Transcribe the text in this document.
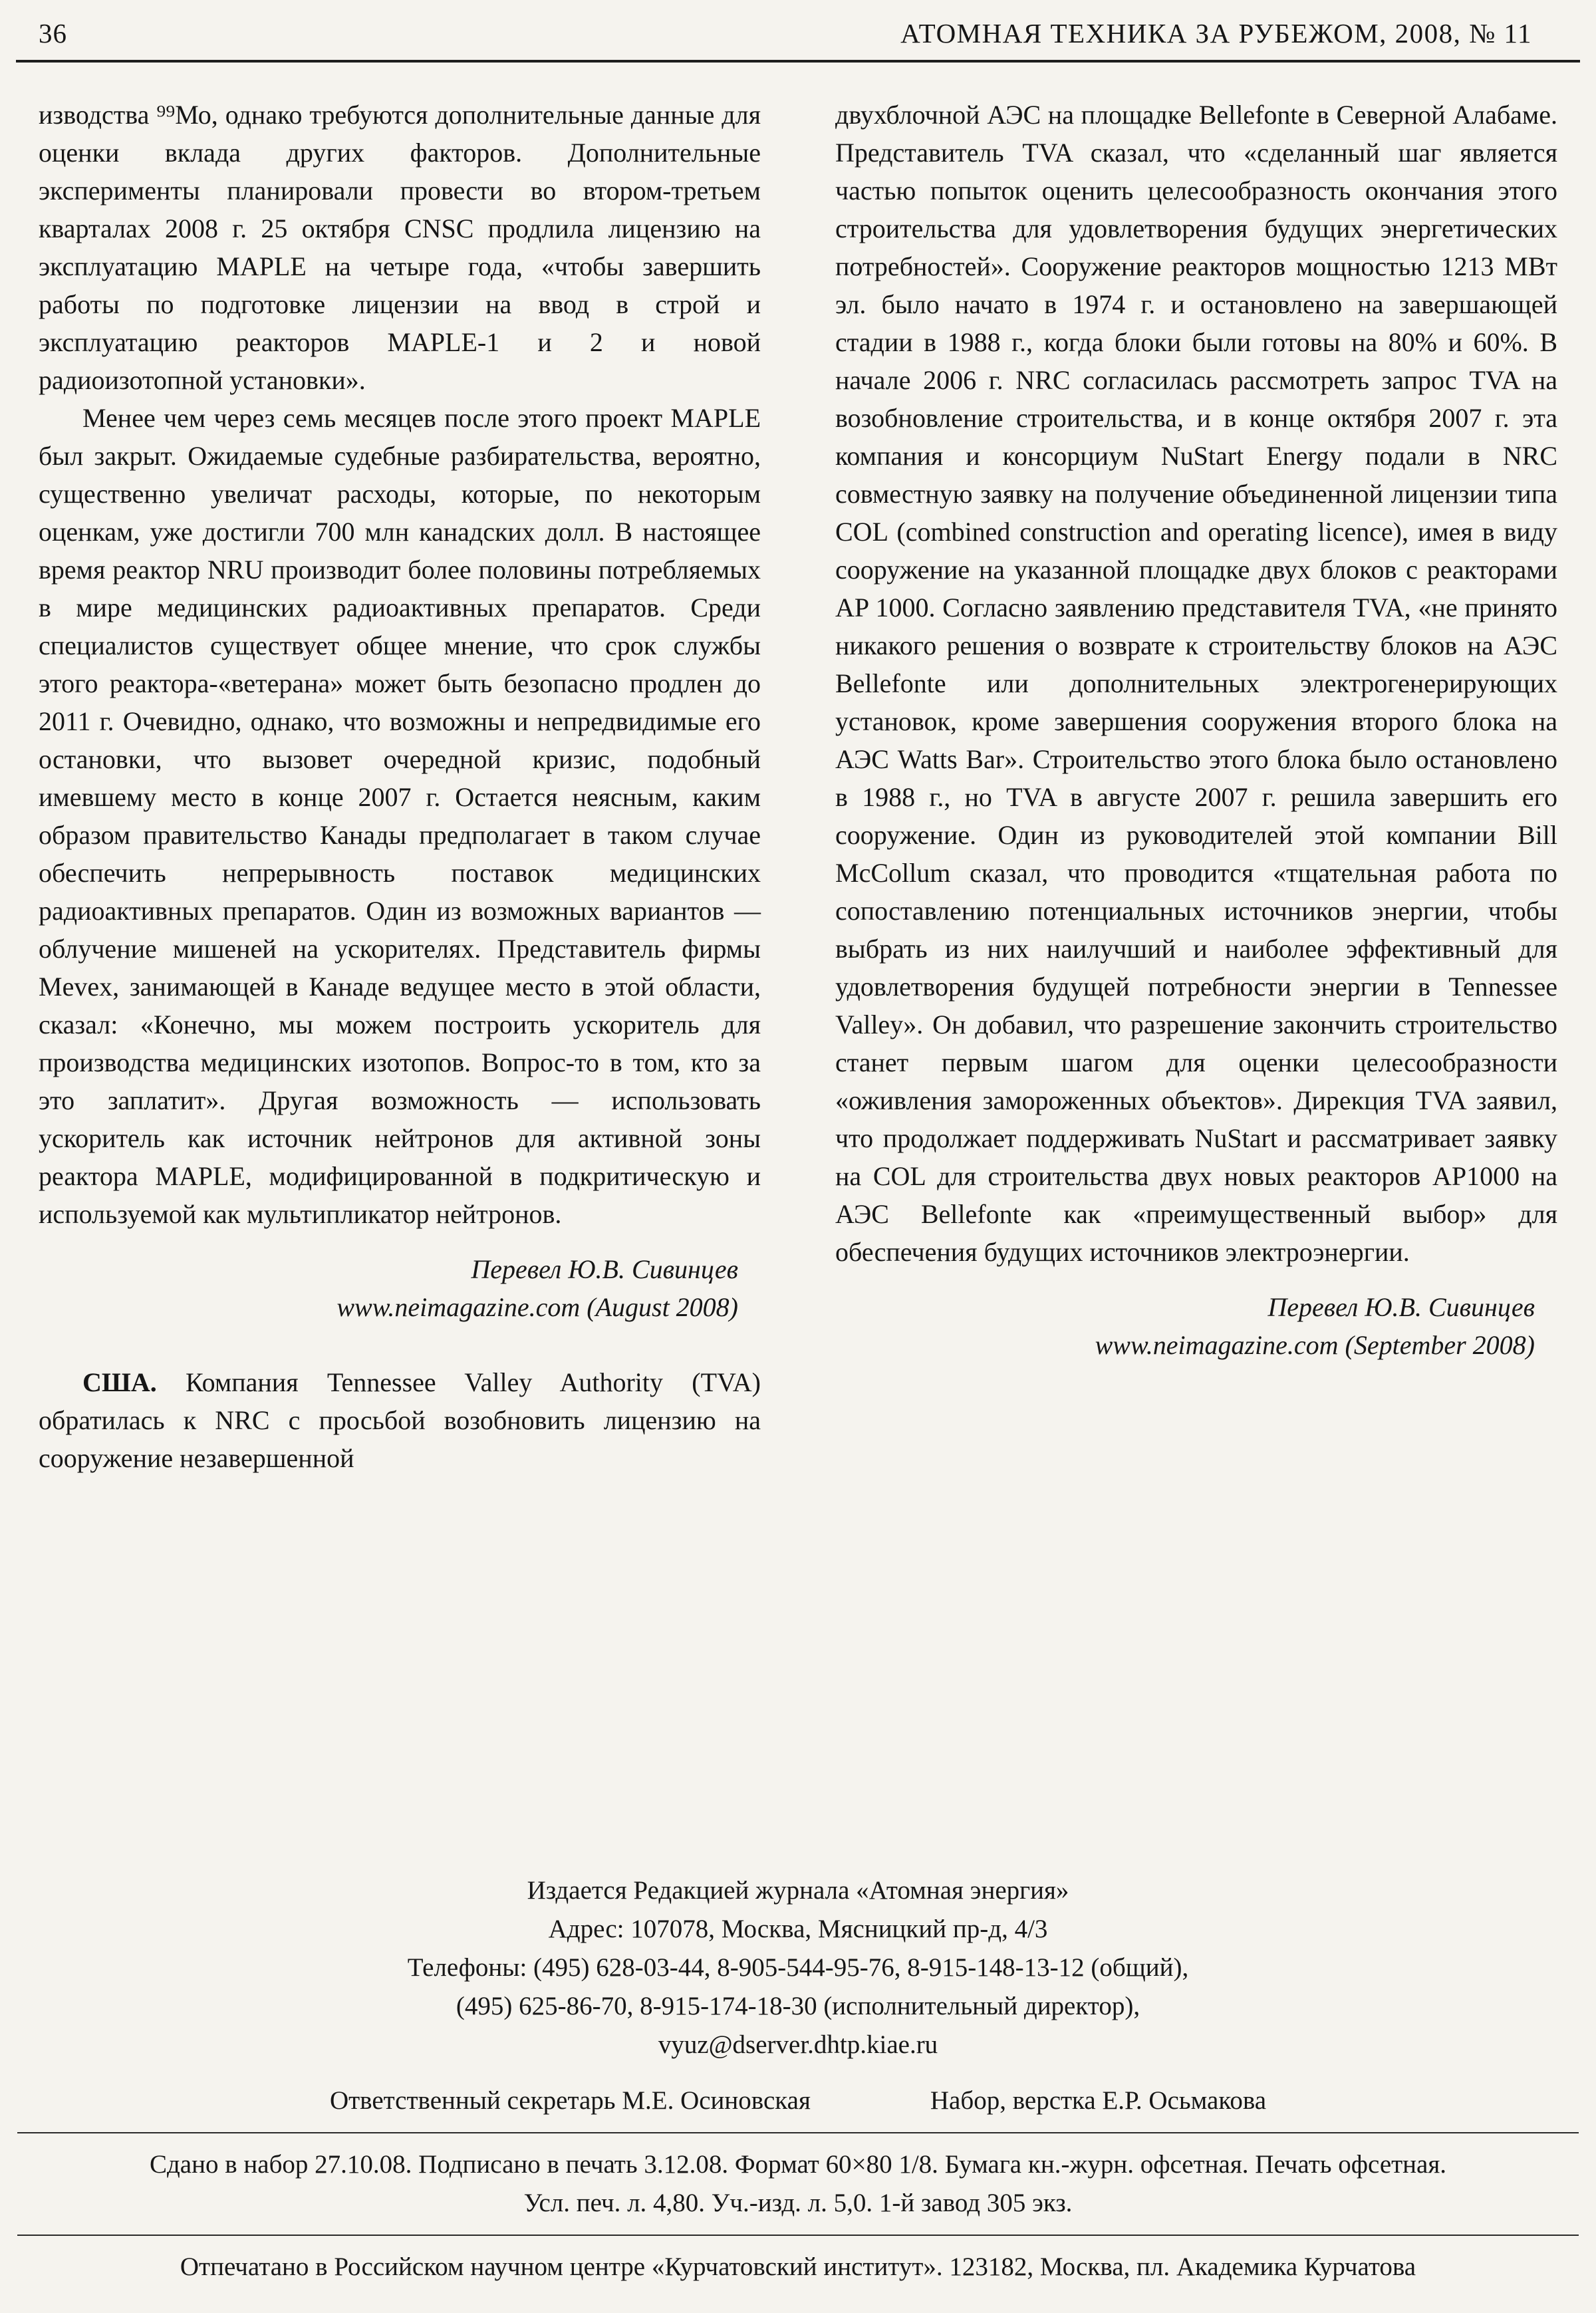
36	АТОМНАЯ ТЕХНИКА ЗА РУБЕЖОМ, 2008, № 11

изводства ⁹⁹Мо, однако требуются дополнительные данные для оценки вклада других факторов. Дополнительные эксперименты планировали провести во втором-третьем кварталах 2008 г. 25 октября CNSC продлила лицензию на эксплуатацию MAPLE на четыре года, «чтобы завершить работы по подготовке лицензии на ввод в строй и эксплуатацию реакторов MAPLE-1 и 2 и новой радиоизотопной установки».

Менее чем через семь месяцев после этого проект MAPLE был закрыт. Ожидаемые судебные разбирательства, вероятно, существенно увеличат расходы, которые, по некоторым оценкам, уже достигли 700 млн канадских долл. В настоящее время реактор NRU производит более половины потребляемых в мире медицинских радиоактивных препаратов. Среди специалистов существует общее мнение, что срок службы этого реактора-«ветерана» может быть безопасно продлен до 2011 г. Очевидно, однако, что возможны и непредвидимые его остановки, что вызовет очередной кризис, подобный имевшему место в конце 2007 г. Остается неясным, каким образом правительство Канады предполагает в таком случае обеспечить непрерывность поставок медицинских радиоактивных препаратов. Один из возможных вариантов — облучение мишеней на ускорителях. Представитель фирмы Mevex, занимающей в Канаде ведущее место в этой области, сказал: «Конечно, мы можем построить ускоритель для производства медицинских изотопов. Вопрос-то в том, кто за это заплатит». Другая возможность — использовать ускоритель как источник нейтронов для активной зоны реактора MAPLE, модифицированной в подкритическую и используемой как мультипликатор нейтронов.

Перевел Ю.В. Сивинцев

www.neimagazine.com (August 2008)

США. Компания Tennessee Valley Authority (TVA) обратилась к NRC с просьбой возобновить лицензию на сооружение незавершенной

двухблочной АЭС на площадке Bellefonte в Северной Алабаме. Представитель TVA сказал, что «сделанный шаг является частью попыток оценить целесообразность окончания этого строительства для удовлетворения будущих энергетических потребностей». Сооружение реакторов мощностью 1213 МВт эл. было начато в 1974 г. и остановлено на завершающей стадии в 1988 г., когда блоки были готовы на 80% и 60%. В начале 2006 г. NRC согласилась рассмотреть запрос TVA на возобновление строительства, и в конце октября 2007 г. эта компания и консорциум NuStart Energy подали в NRC совместную заявку на получение объединенной лицензии типа COL (combined construction and operating licence), имея в виду сооружение на указанной площадке двух блоков с реакторами AP 1000. Согласно заявлению представителя TVA, «не принято никакого решения о возврате к строительству блоков на АЭС Bellefonte или дополнительных электрогенерирующих установок, кроме завершения сооружения второго блока на АЭС Watts Bar». Строительство этого блока было остановлено в 1988 г., но TVA в августе 2007 г. решила завершить его сооружение. Один из руководителей этой компании Bill McCollum сказал, что проводится «тщательная работа по сопоставлению потенциальных источников энергии, чтобы выбрать из них наилучший и наиболее эффективный для удовлетворения будущей потребности энергии в Tennessee Valley». Он добавил, что разрешение закончить строительство станет первым шагом для оценки целесообразности «оживления замороженных объектов». Дирекция TVA заявил, что продолжает поддерживать NuStart и рассматривает заявку на COL для строительства двух новых реакторов AP1000 на АЭС Bellefonte как «преимущественный выбор» для обеспечения будущих источников электроэнергии.

Перевел Ю.В. Сивинцев

www.neimagazine.com (September 2008)

Издается Редакцией журнала «Атомная энергия»

Адрес: 107078, Москва, Мясницкий пр-д, 4/3

Телефоны: (495) 628-03-44, 8-905-544-95-76, 8-915-148-13-12 (общий),

(495) 625-86-70, 8-915-174-18-30 (исполнительный директор),

vyuz@dserver.dhtp.kiae.ru

Ответственный секретарь М.Е. Осиновская	Набор, верстка Е.Р. Осьмакова

Сдано в набор 27.10.08. Подписано в печать 3.12.08. Формат 60×80 1/8. Бумага кн.-журн. офсетная. Печать офсетная.

Усл. печ. л. 4,80. Уч.-изд. л. 5,0. 1-й завод 305 экз.

Отпечатано в Российском научном центре «Курчатовский институт». 123182, Москва, пл. Академика Курчатова
